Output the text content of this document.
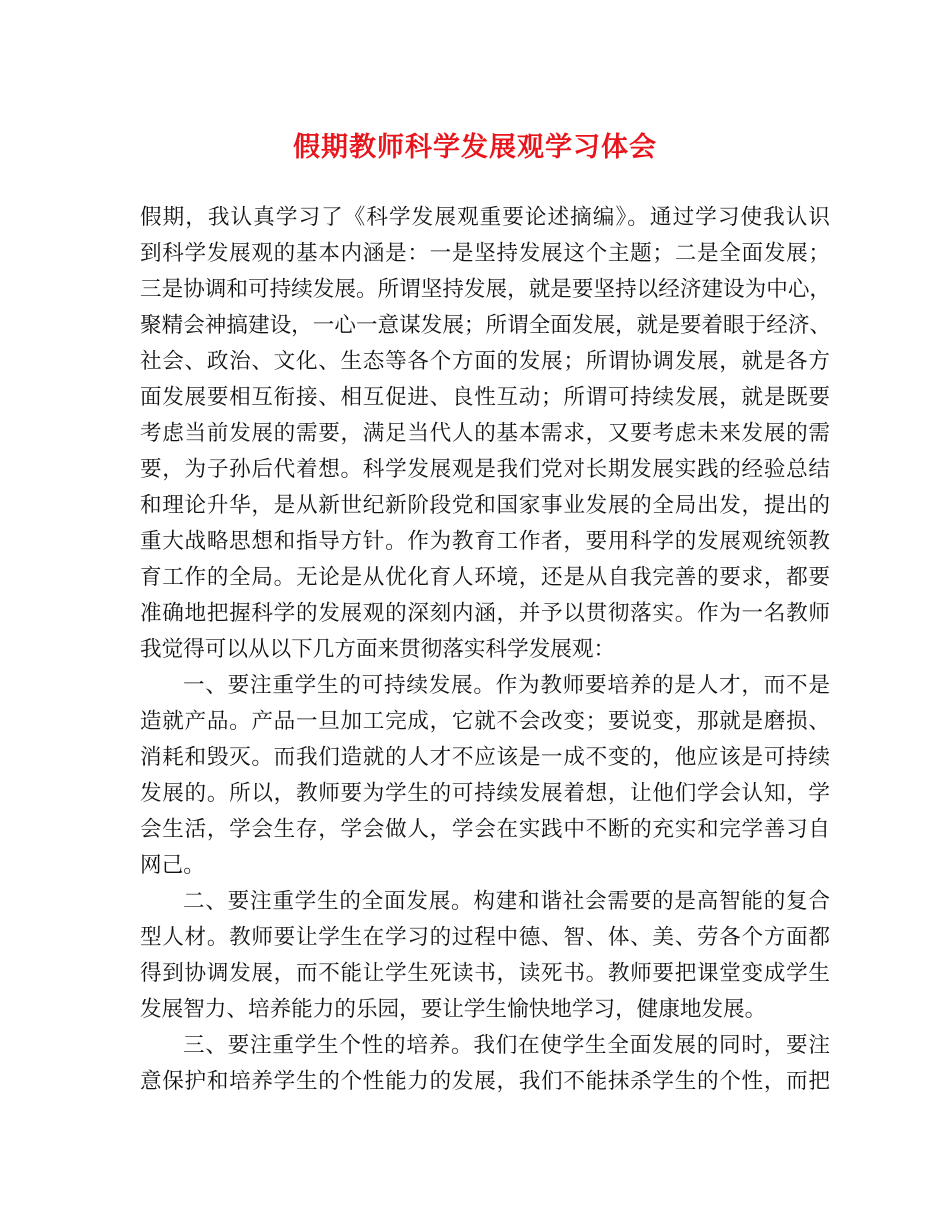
假期教师科学发展观学习体会
假期，我认真学习了《科学发展观重要论述摘编》。通过学习使我认识
到科学发展观的基本内涵是：一是坚持发展这个主题；二是全面发展；
三是协调和可持续发展。所谓坚持发展，就是要坚持以经济建设为中心，
聚精会神搞建设，一心一意谋发展；所谓全面发展，就是要着眼于经济、
社会、政治、文化、生态等各个方面的发展；所谓协调发展，就是各方
面发展要相互衔接、相互促进、良性互动；所谓可持续发展，就是既要
考虑当前发展的需要，满足当代人的基本需求，又要考虑未来发展的需
要，为子孙后代着想。科学发展观是我们党对长期发展实践的经验总结
和理论升华，是从新世纪新阶段党和国家事业发展的全局出发，提出的
重大战略思想和指导方针。作为教育工作者，要用科学的发展观统领教
育工作的全局。无论是从优化育人环境，还是从自我完善的要求，都要
准确地把握科学的发展观的深刻内涵，并予以贯彻落实。作为一名教师
我觉得可以从以下几方面来贯彻落实科学发展观：
一、要注重学生的可持续发展。作为教师要培养的是人才，而不是
造就产品。产品一旦加工完成，它就不会改变；要说变，那就是磨损、
消耗和毁灭。而我们造就的人才不应该是一成不变的，他应该是可持续
发展的。所以，教师要为学生的可持续发展着想，让他们学会认知，学
会生活，学会生存，学会做人，学会在实践中不断的充实和完学善习自
网己。
二、要注重学生的全面发展。构建和谐社会需要的是高智能的复合
型人材。教师要让学生在学习的过程中德、智、体、美、劳各个方面都
得到协调发展，而不能让学生死读书，读死书。教师要把课堂变成学生
发展智力、培养能力的乐园，要让学生愉快地学习，健康地发展。
三、要注重学生个性的培养。我们在使学生全面发展的同时，要注
意保护和培养学生的个性能力的发展，我们不能抹杀学生的个性，而把
